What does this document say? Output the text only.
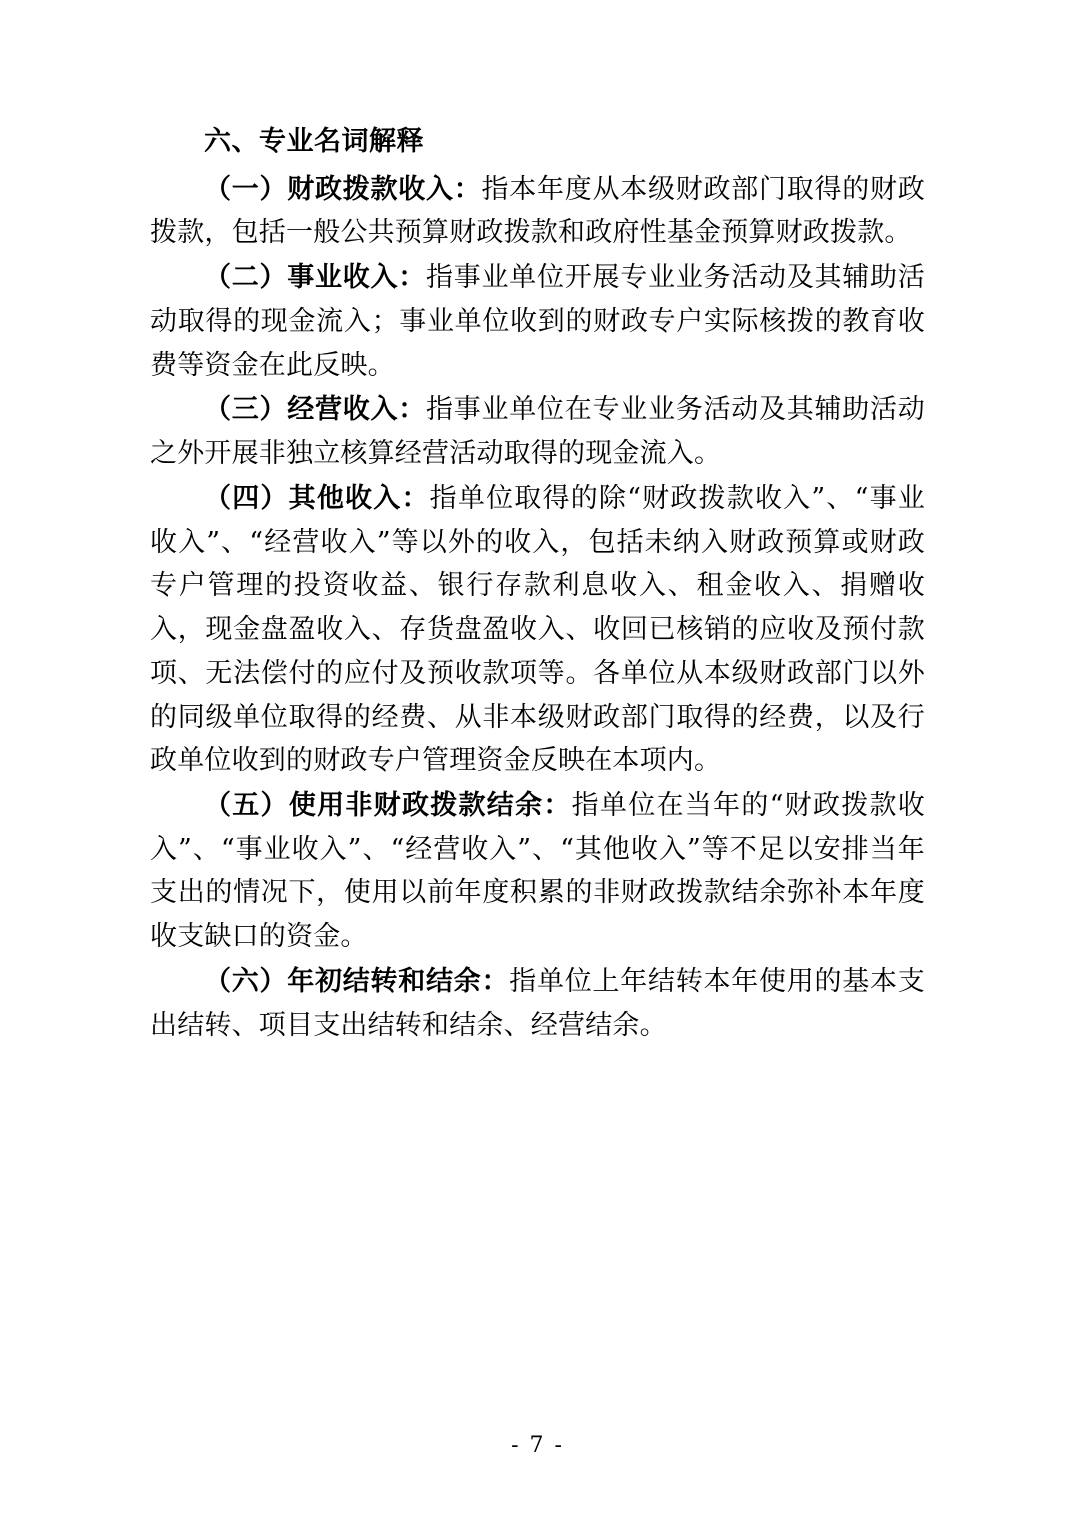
六、专业名词解释

（一）财政拨款收入：指本年度从本级财政部门取得的财政拨款，包括一般公共预算财政拨款和政府性基金预算财政拨款。

（二）事业收入：指事业单位开展专业业务活动及其辅助活动取得的现金流入；事业单位收到的财政专户实际核拨的教育收费等资金在此反映。

（三）经营收入：指事业单位在专业业务活动及其辅助活动之外开展非独立核算经营活动取得的现金流入。

（四）其他收入：指单位取得的除“财政拨款收入”、“事业收入”、“经营收入”等以外的收入，包括未纳入财政预算或财政专户管理的投资收益、银行存款利息收入、租金收入、捐赠收入，现金盘盈收入、存货盘盈收入、收回已核销的应收及预付款项、无法偿付的应付及预收款项等。各单位从本级财政部门以外的同级单位取得的经费、从非本级财政部门取得的经费，以及行政单位收到的财政专户管理资金反映在本项内。

（五）使用非财政拨款结余：指单位在当年的“财政拨款收入”、“事业收入”、“经营收入”、“其他收入”等不足以安排当年支出的情况下，使用以前年度积累的非财政拨款结余弥补本年度收支缺口的资金。

（六）年初结转和结余：指单位上年结转本年使用的基本支出结转、项目支出结转和结余、经营结余。

- 7 -
